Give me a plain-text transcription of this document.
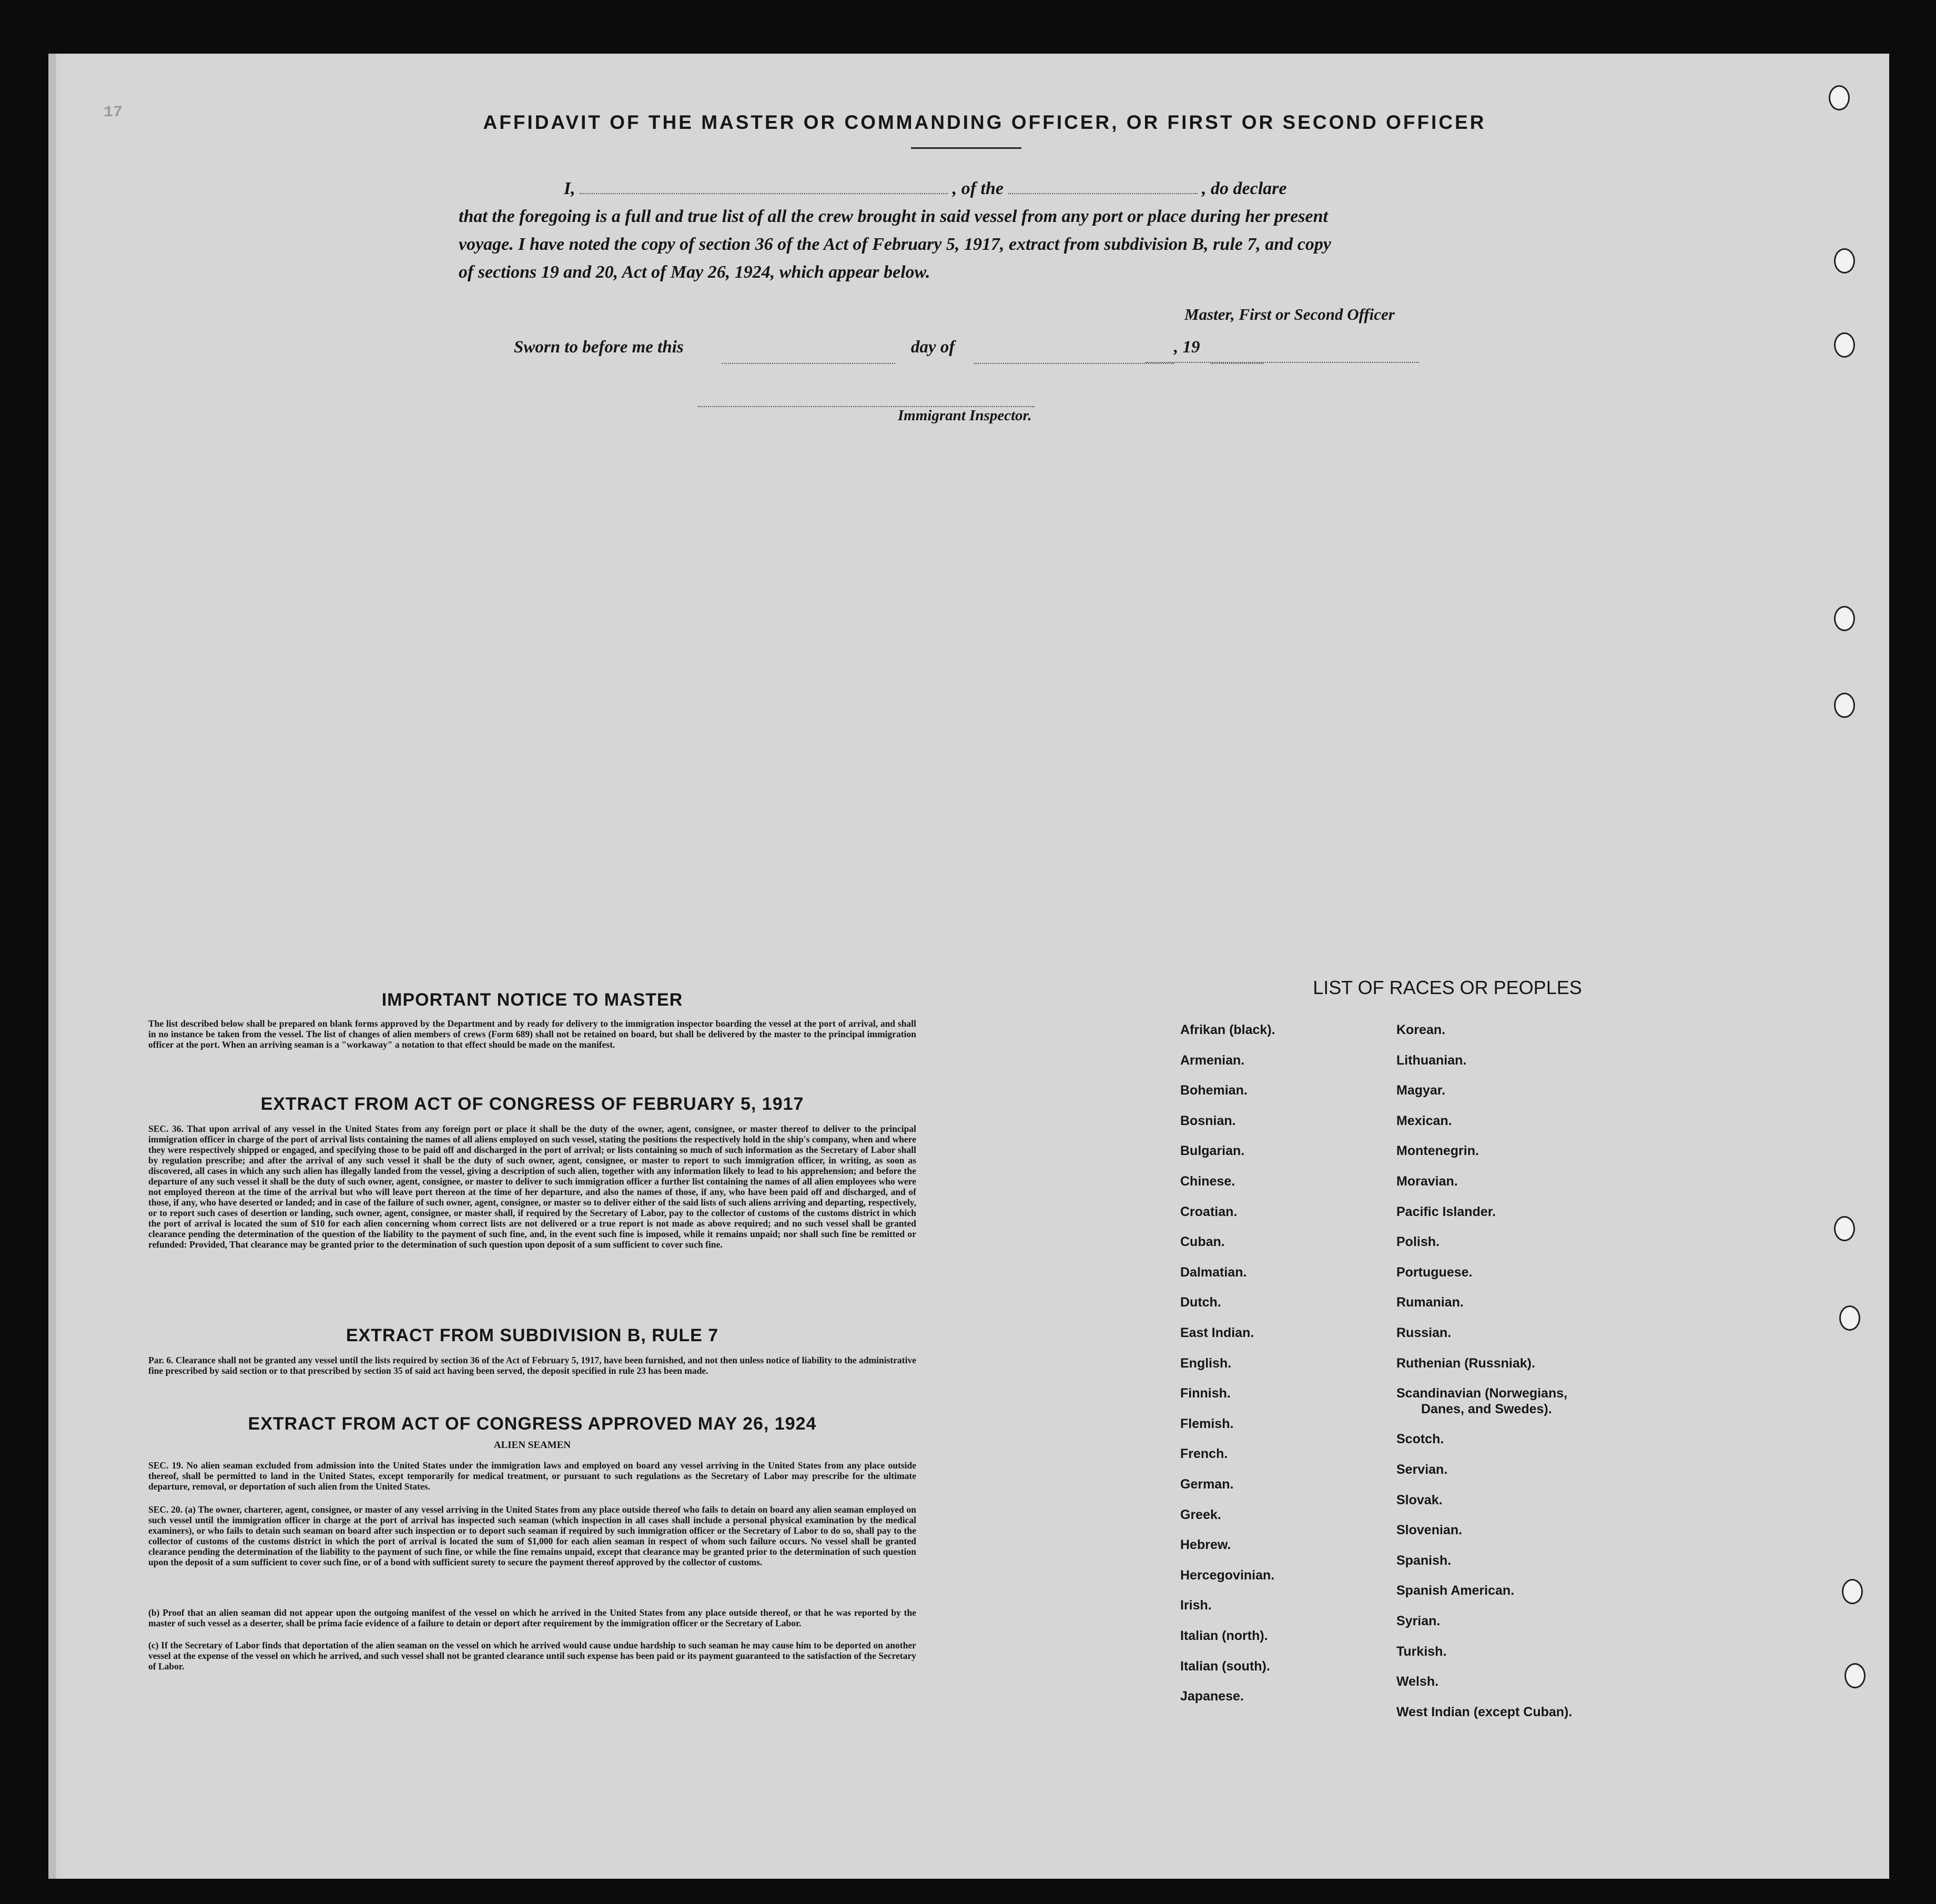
17	AFFIDAVIT OF THE MASTER OR COMMANDING OFFICER, OR FIRST OR SECOND OFFICER
I,	, of the	, do declare
that the foregoing is a full and true list of all the crew brought in said vessel from any port or place during her present
voyage. I have noted the copy of section 36 of the Act of February 5, 1917, extract from subdivision B, rule 7, and copy
of sections 19 and 20, Act of May 26, 1924, which appear below.
Master, First or Second Officer
Sworn to before me this	day of	, 19
Immigrant Inspector.
IMPORTANT NOTICE TO MASTER
The list described below shall be prepared on blank forms approved by the Department and by ready for delivery to the immigration inspector boarding the vessel at the port of arrival, and shall in no instance be taken from the vessel. The list of changes of alien members of crews (Form 689) shall not be retained on board, but shall be delivered by the master to the principal immigration officer at the port. When an arriving seaman is a "workaway" a notation to that effect should be made on the manifest.
EXTRACT FROM ACT OF CONGRESS OF FEBRUARY 5, 1917
SEC. 36. That upon arrival of any vessel in the United States from any foreign port or place it shall be the duty of the owner, agent, consignee, or master thereof to deliver to the principal immigration officer in charge of the port of arrival lists containing the names of all aliens employed on such vessel, stating the positions the respectively hold in the ship's company, when and where they were respectively shipped or engaged, and specifying those to be paid off and discharged in the port of arrival; or lists containing so much of such information as the Secretary of Labor shall by regulation prescribe; and after the arrival of any such vessel it shall be the duty of such owner, agent, consignee, or master to report to such immigration officer, in writing, as soon as discovered, all cases in which any such alien has illegally landed from the vessel, giving a description of such alien, together with any information likely to lead to his apprehension; and before the departure of any such vessel it shall be the duty of such owner, agent, consignee, or master to deliver to such immigration officer a further list containing the names of all alien employees who were not employed thereon at the time of the arrival but who will leave port thereon at the time of her departure, and also the names of those, if any, who have been paid off and discharged, and of those, if any, who have deserted or landed; and in case of the failure of such owner, agent, consignee, or master so to deliver either of the said lists of such aliens arriving and departing, respectively, or to report such cases of desertion or landing, such owner, agent, consignee, or master shall, if required by the Secretary of Labor, pay to the collector of customs of the customs district in which the port of arrival is located the sum of $10 for each alien concerning whom correct lists are not delivered or a true report is not made as above required; and no such vessel shall be granted clearance pending the determination of the question of the liability to the payment of such fine, and, in the event such fine is imposed, while it remains unpaid; nor shall such fine be remitted or refunded: Provided, That clearance may be granted prior to the determination of such question upon deposit of a sum sufficient to cover such fine.
EXTRACT FROM SUBDIVISION B, RULE 7
Par. 6. Clearance shall not be granted any vessel until the lists required by section 36 of the Act of February 5, 1917, have been furnished, and not then unless notice of liability to the administrative fine prescribed by said section or to that prescribed by section 35 of said act having been served, the deposit specified in rule 23 has been made.
EXTRACT FROM ACT OF CONGRESS APPROVED MAY 26, 1924
ALIEN SEAMEN
SEC. 19. No alien seaman excluded from admission into the United States under the immigration laws and employed on board any vessel arriving in the United States from any place outside thereof, shall be permitted to land in the United States, except temporarily for medical treatment, or pursuant to such regulations as the Secretary of Labor may prescribe for the ultimate departure, removal, or deportation of such alien from the United States.
SEC. 20. (a) The owner, charterer, agent, consignee, or master of any vessel arriving in the United States from any place outside thereof who fails to detain on board any alien seaman employed on such vessel until the immigration officer in charge at the port of arrival has inspected such seaman (which inspection in all cases shall include a personal physical examination by the medical examiners), or who fails to detain such seaman on board after such inspection or to deport such seaman if required by such immigration officer or the Secretary of Labor to do so, shall pay to the collector of customs of the customs district in which the port of arrival is located the sum of $1,000 for each alien seaman in respect of whom such failure occurs. No vessel shall be granted clearance pending the determination of the liability to the payment of such fine, or while the fine remains unpaid, except that clearance may be granted prior to the determination of such question upon the deposit of a sum sufficient to cover such fine, or of a bond with sufficient surety to secure the payment thereof approved by the collector of customs.
(b) Proof that an alien seaman did not appear upon the outgoing manifest of the vessel on which he arrived in the United States from any place outside thereof, or that he was reported by the master of such vessel as a deserter, shall be prima facie evidence of a failure to detain or deport after requirement by the immigration officer or the Secretary of Labor.
(c) If the Secretary of Labor finds that deportation of the alien seaman on the vessel on which he arrived would cause undue hardship to such seaman he may cause him to be deported on another vessel at the expense of the vessel on which he arrived, and such vessel shall not be granted clearance until such expense has been paid or its payment guaranteed to the satisfaction of the Secretary of Labor.
LIST OF RACES OR PEOPLES
Afrikan (black).
Armenian.
Bohemian.
Bosnian.
Bulgarian.
Chinese.
Croatian.
Cuban.
Dalmatian.
Dutch.
East Indian.
English.
Finnish.
Flemish.
French.
German.
Greek.
Hebrew.
Hercegovinian.
Irish.
Italian (north).
Italian (south).
Japanese.
Korean.
Lithuanian.
Magyar.
Mexican.
Montenegrin.
Moravian.
Pacific Islander.
Polish.
Portuguese.
Rumanian.
Russian.
Ruthenian (Russniak).
Scandinavian (Norwegians,
Danes, and Swedes).
Scotch.
Servian.
Slovak.
Slovenian.
Spanish.
Spanish American.
Syrian.
Turkish.
Welsh.
West Indian (except Cuban).
